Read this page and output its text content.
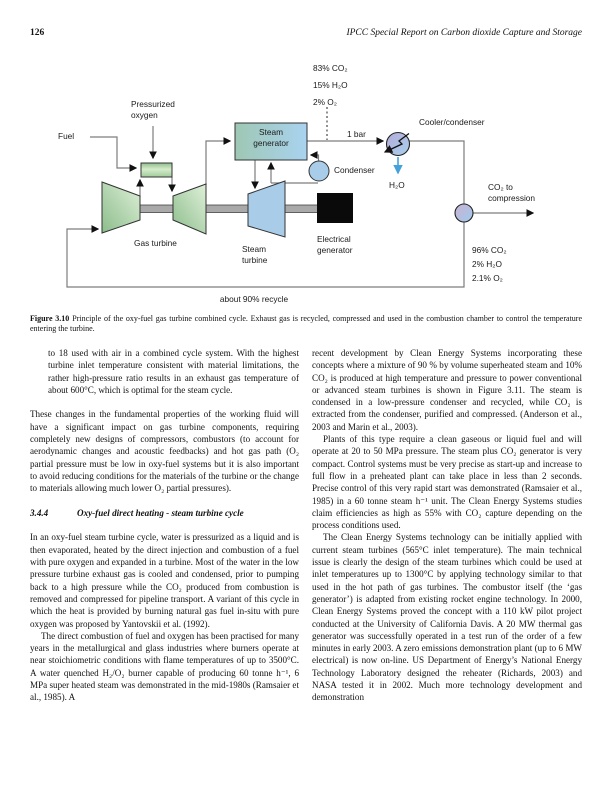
126	IPCC Special Report on Carbon dioxide Capture and Storage
Fuel
Pressurized oxygen
Gas turbine
Steam generator
Steam turbine
Electrical generator
Condenser
Cooler/condenser
1 bar
H₂O	CO₂ to compression
83% CO₂
15% H₂O
2% O₂
96% CO₂
2% H₂O
2.1% O₂
about 90% recycle
Figure 3.10 Principle of the oxy-fuel gas turbine combined cycle. Exhaust gas is recycled, compressed and used in the combustion chamber to control the temperature entering the turbine.

to 18 used with air in a combined cycle system. With the highest turbine inlet temperature consistent with material limitations, the rather high-pressure ratio results in an exhaust gas temperature of about 600°C, which is optimal for the steam cycle.

These changes in the fundamental properties of the working fluid will have a significant impact on gas turbine components, requiring completely new designs of compressors, combustors (to account for aerodynamic changes and acoustic feedbacks) and hot gas path (O₂ partial pressure must be low in oxy-fuel systems but it is also important to avoid reducing conditions for the materials of the turbine or the change to materials allowing much lower O₂ partial pressures).

3.4.4	Oxy-fuel direct heating - steam turbine cycle

In an oxy-fuel steam turbine cycle, water is pressurized as a liquid and is then evaporated, heated by the direct injection and combustion of a fuel with pure oxygen and expanded in a turbine. Most of the water in the low pressure turbine exhaust gas is cooled and condensed, prior to pumping back to a high pressure while the CO₂ produced from combustion is removed and compressed for pipeline transport. A variant of this cycle in which the heat is provided by burning natural gas fuel in-situ with pure oxygen was proposed by Yantovskii et al. (1992).

The direct combustion of fuel and oxygen has been practised for many years in the metallurgical and glass industries where burners operate at near stoichiometric conditions with flame temperatures of up to 3500°C. A water quenched H₂/O₂ burner capable of producing 60 tonne h⁻¹, 6 MPa super heated steam was demonstrated in the mid-1980s (Ramsaier et al., 1985). A

recent development by Clean Energy Systems incorporating these concepts where a mixture of 90 % by volume superheated steam and 10% CO₂ is produced at high temperature and pressure to power conventional or advanced steam turbines is shown in Figure 3.11. The steam is condensed in a low-pressure condenser and recycled, while CO₂ is extracted from the condenser, purified and compressed. (Anderson et al., 2003 and Marin et al., 2003).

Plants of this type require a clean gaseous or liquid fuel and will operate at 20 to 50 MPa pressure. The steam plus CO₂ generator is very compact. Control systems must be very precise as start-up and increase to full flow in a preheated plant can take place in less than 2 seconds. Precise control of this very rapid start was demonstrated (Ramsaier et al., 1985) in a 60 tonne steam h⁻¹ unit. The Clean Energy Systems studies claim efficiencies as high as 55% with CO₂ capture depending on the process conditions used.

The Clean Energy Systems technology can be initially applied with current steam turbines (565°C inlet temperature). The main technical issue is clearly the design of the steam turbines which could be used at inlet temperatures up to 1300°C by applying technology similar to that used in the hot path of gas turbines. The combustor itself (the ‘gas generator’) is adapted from existing rocket engine technology. In 2000, Clean Energy Systems proved the concept with a 110 kW pilot project conducted at the University of California Davis. A 20 MW thermal gas generator was successfully operated in a test run of the order of a few minutes in early 2003. A zero emissions demonstration plant (up to 6 MW electrical) is now on-line. US Department of Energy’s National Energy Technology Laboratory designed the reheater (Richards, 2003) and NASA tested it in 2002. Much more technology development and demonstration
